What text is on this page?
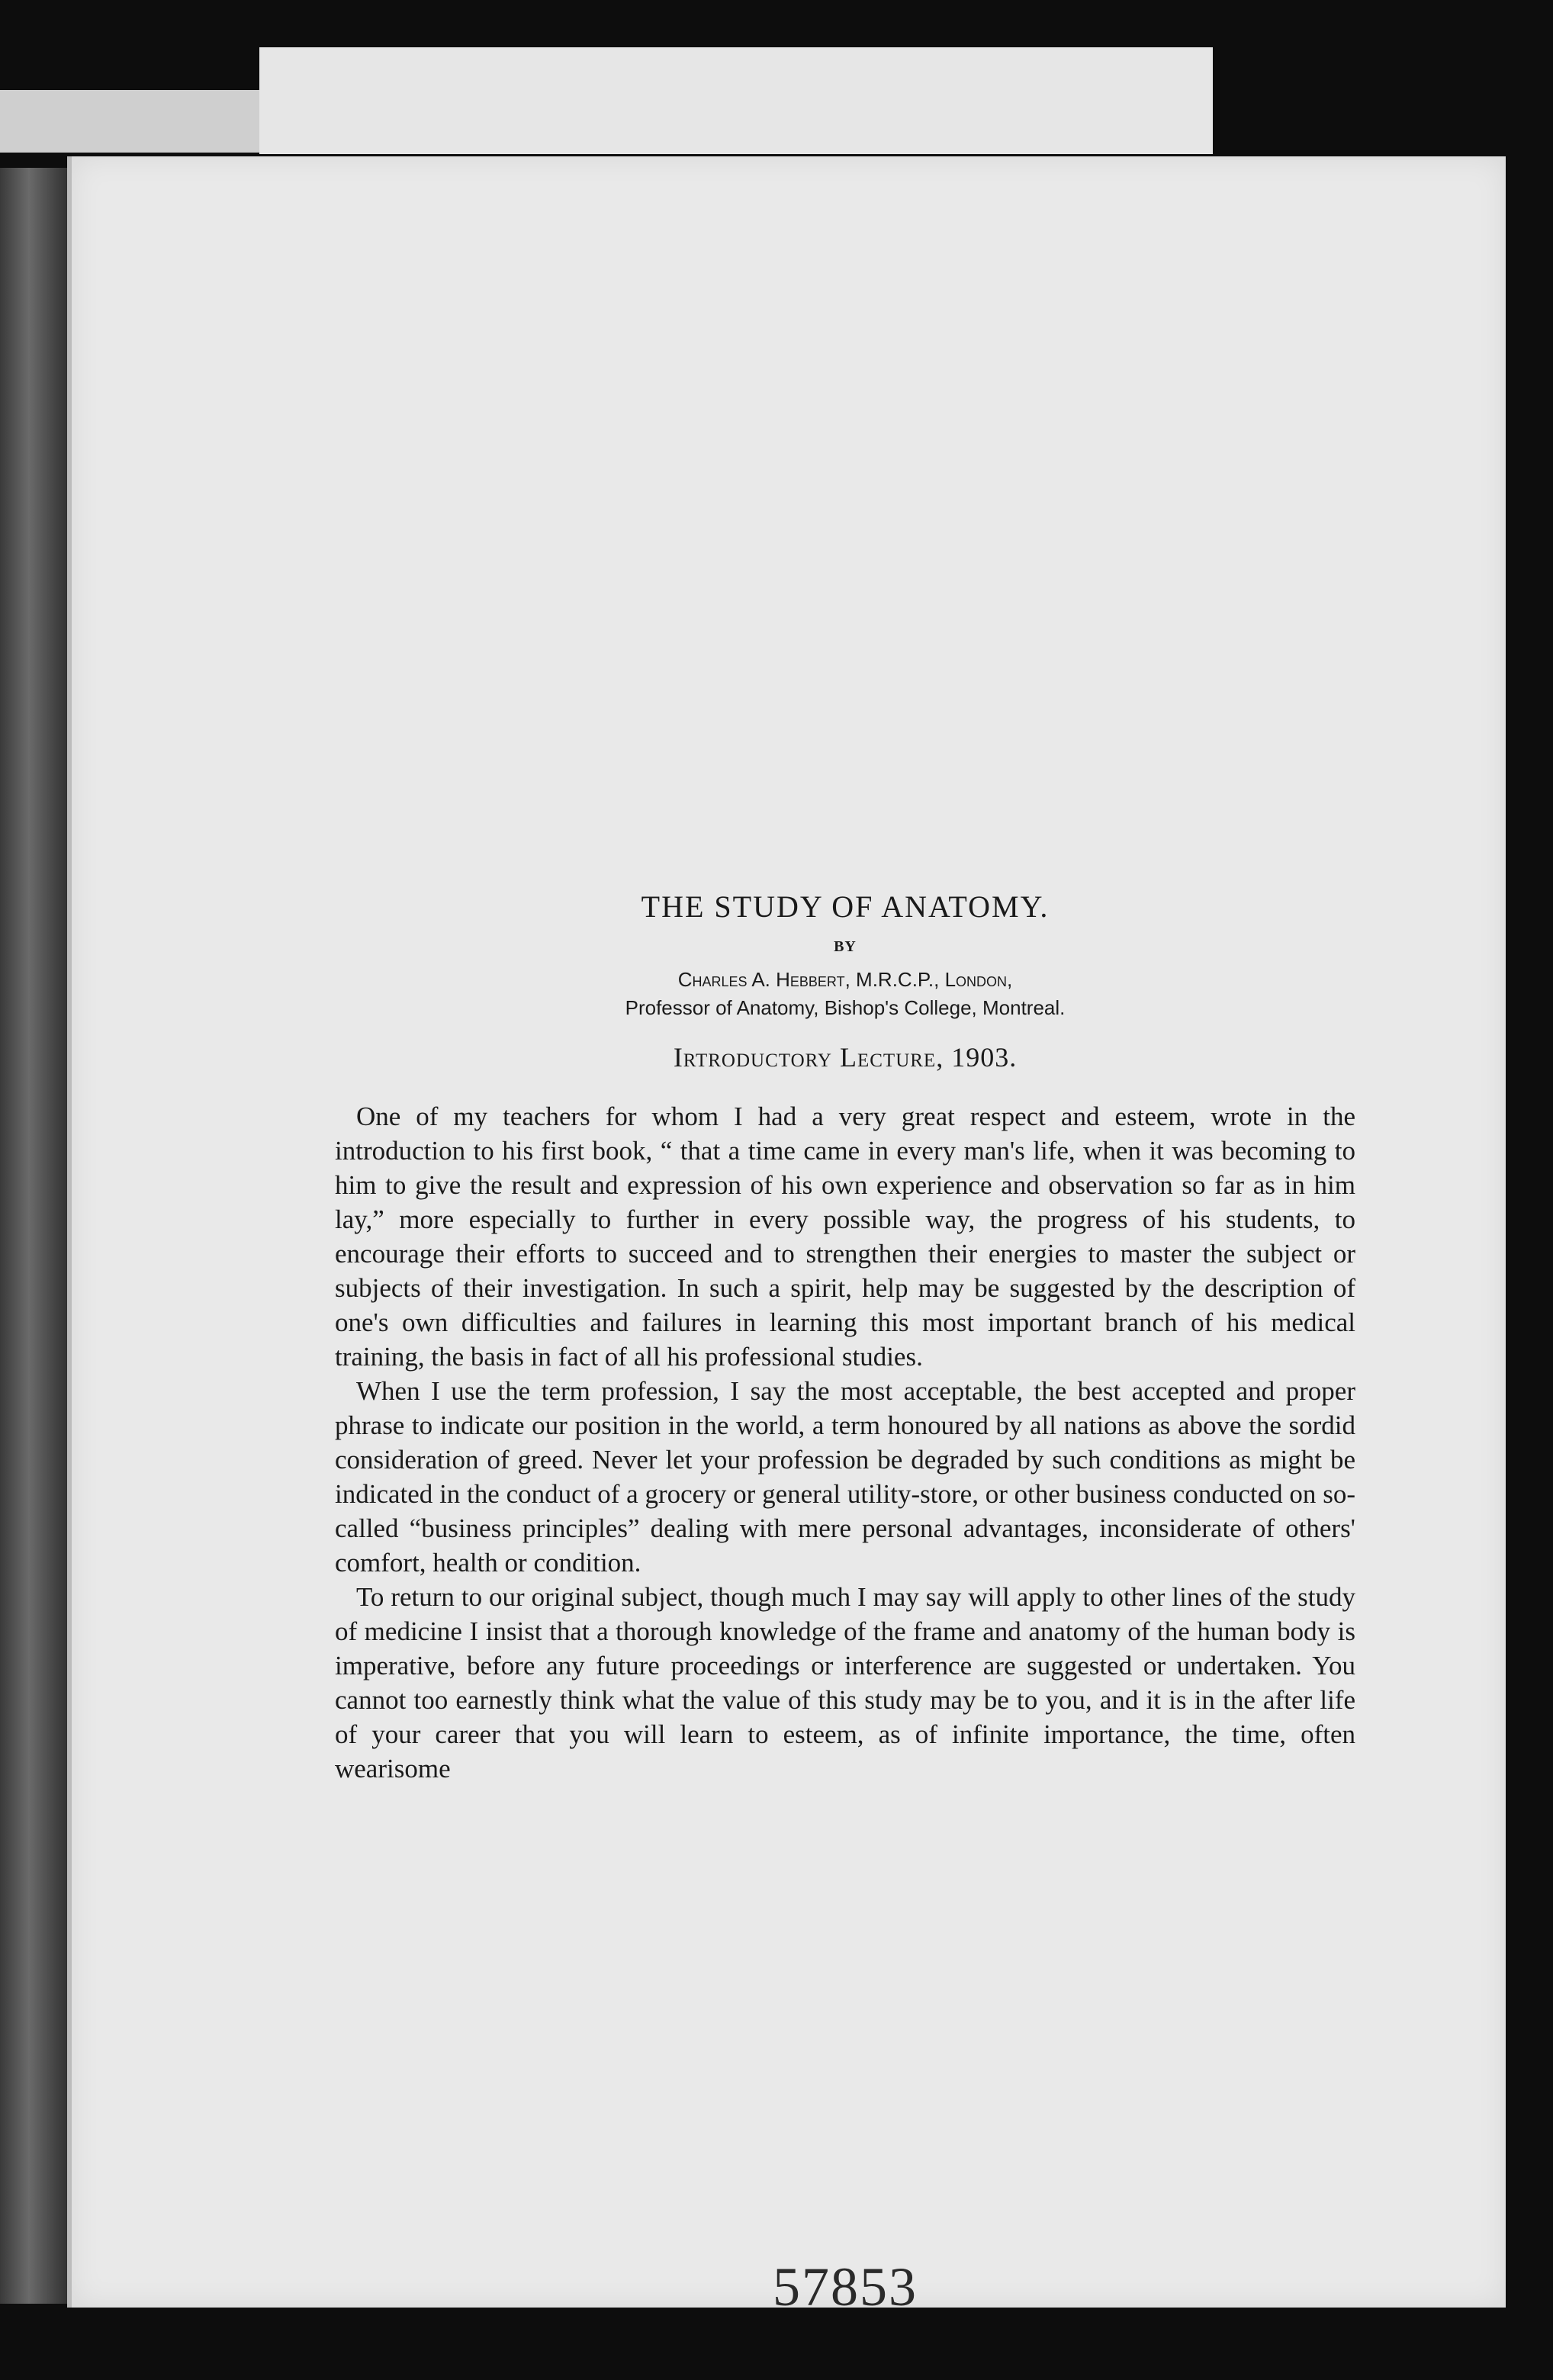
THE STUDY OF ANATOMY.
BY
Charles A. Hebbert, M.R.C.P., London,
Professor of Anatomy, Bishop's College, Montreal.
Irtroductory Lecture, 1903.

One of my teachers for whom I had a very great respect and esteem, wrote in the introduction to his first book, “ that a time came in every man's life, when it was becoming to him to give the result and expression of his own experience and observation so far as in him lay,” more especially to further in every possible way, the progress of his students, to encourage their efforts to succeed and to strengthen their energies to master the subject or subjects of their investigation. In such a spirit, help may be suggested by the description of one's own difficulties and failures in learning this most important branch of his medical training, the basis in fact of all his professional studies.

When I use the term profession, I say the most acceptable, the best accepted and proper phrase to indicate our position in the world, a term honoured by all nations as above the sordid consideration of greed. Never let your profession be degraded by such conditions as might be indicated in the conduct of a grocery or general utility-store, or other business conducted on so-called “business principles” dealing with mere personal advantages, inconsiderate of others' comfort, health or condition.

To return to our original subject, though much I may say will apply to other lines of the study of medicine I insist that a thorough knowledge of the frame and anatomy of the human body is imperative, before any future proceedings or interference are suggested or undertaken. You cannot too earnestly think what the value of this study may be to you, and it is in the after life of your career that you will learn to esteem, as of infinite importance, the time, often wearisome

57853
